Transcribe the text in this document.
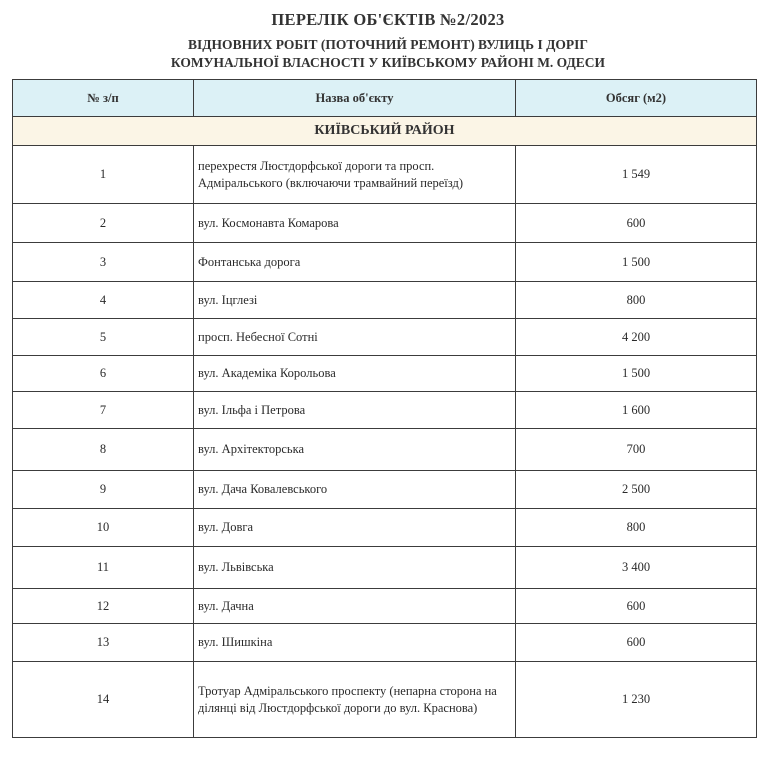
ПЕРЕЛІК ОБ'ЄКТІВ №2/2023
ВІДНОВНИХ РОБІТ (ПОТОЧНИЙ РЕМОНТ) ВУЛИЦЬ І ДОРІГ
КОМУНАЛЬНОЇ ВЛАСНОСТІ У КИЇВСЬКОМУ РАЙОНІ М. ОДЕСИ
№ з/п	Назва об'єкту	Обсяг (м2)
КИЇВСЬКИЙ РАЙОН		
1	перехрестя Люстдорфської дороги та просп. Адміральського (включаючи трамвайний переїзд)	1 549
2	вул. Космонавта Комарова	600
3	Фонтанська дорога	1 500
4	вул. Іцглезі	800
5	просп. Небесної Сотні	4 200
6	вул. Академіка Корольова	1 500
7	вул. Ільфа і Петрова	1 600
8	вул. Архітекторська	700
9	вул. Дача Ковалевського	2 500
10	вул. Довга	800
11	вул. Львівська	3 400
12	вул. Дачна	600
13	вул. Шишкіна	600
14	Тротуар Адміральського проспекту (непарна сторона на ділянці від Люстдорфської дороги до вул. Краснова)	1 230
